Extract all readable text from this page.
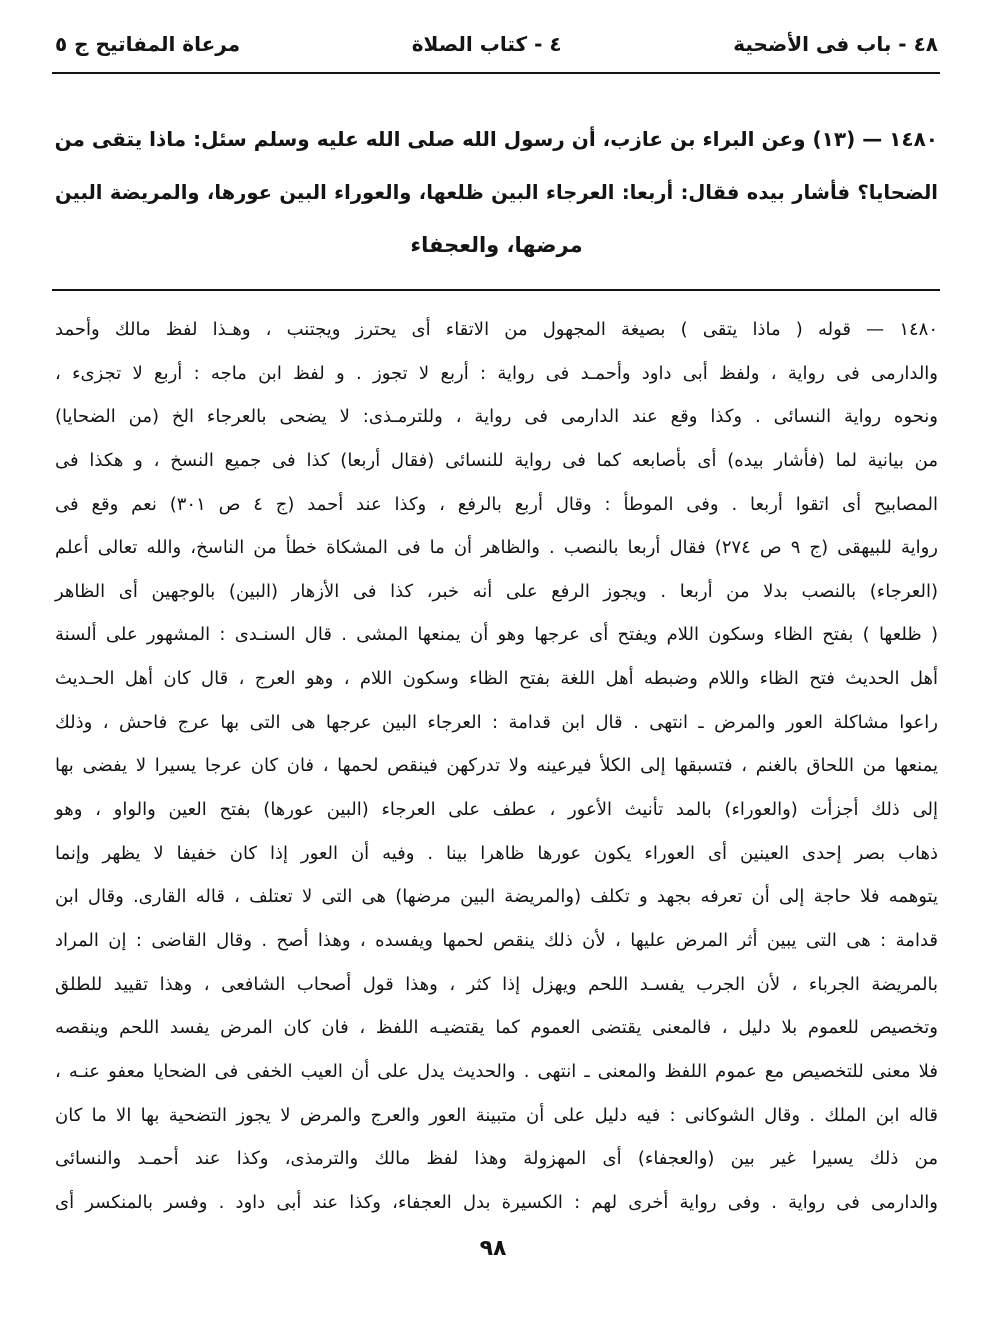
مرعاة المفاتيح ج ٥	٤ - كتاب الصلاة	٤٨ - باب فى الأضحية
١٤٨٠ — (١٣) وعن البراء بن عازب، أن رسول الله صلى الله عليه وسلم سئل: ماذا يتقى من
الضحايا؟ فأشار بيده فقال: أربعا: العرجاء البين ظلعها، والعوراء البين عورها، والمريضة البين
مرضها، والعجفاء
١٤٨٠ — قوله ( ماذا يتقى ) بصيغة المجهول من الاتقاء أى يحترز ويجتنب ، وهـذا لفظ مالك وأحمد
والدارمى فى رواية ، ولفظ أبى داود وأحمـد فى رواية : أربع لا تجوز . و لفظ ابن ماجه : أربع لا تجزىء ،
ونحوه رواية النسائى . وكذا وقع عند الدارمى فى رواية ، وللترمـذى: لا يضحى بالعرجاء الخ (من الضحايا)
من بيانية لما (فأشار بيده) أى بأصابعه كما فى رواية للنسائى (فقال أربعا) كذا فى جميع النسخ ، و هكذا فى
المصابيح أى اتقوا أربعا . وفى الموطأ : وقال أربع بالرفع ، وكذا عند أحمد (ج ٤ ص ٣٠١) نعم وقع فى
رواية للبيهقى (ج ٩ ص ٢٧٤) فقال أربعا بالنصب . والظاهر أن ما فى المشكاة خطأ من الناسخ، والله تعالى أعلم
(العرجاء) بالنصب بدلا من أربعا . ويجوز الرفع على أنه خبر، كذا فى الأزهار (البين) بالوجهين أى الظاهر
( ظلعها ) بفتح الظاء وسكون اللام ويفتح أى عرجها وهو أن يمنعها المشى . قال السنـدى : المشهور على ألسنة
أهل الحديث فتح الظاء واللام وضبطه أهل اللغة بفتح الظاء وسكون اللام ، وهو العرج ، قال كان أهل الحـديث
راعوا مشاكلة العور والمرض ـ انتهى . قال ابن قدامة : العرجاء البين عرجها هى التى بها عرج فاحش ، وذلك
يمنعها من اللحاق بالغنم ، فتسبقها إلى الكلأ فيرعينه ولا تدركهن فينقص لحمها ، فان كان عرجا يسيرا لا يفضى بها
إلى ذلك أجزأت (والعوراء) بالمد تأنيث الأعور ، عطف على العرجاء (البين عورها) بفتح العين والواو ، وهو
ذهاب بصر إحدى العينين أى العوراء يكون عورها ظاهرا بينا . وفيه أن العور إذا كان خفيفا لا يظهر وإنما
يتوهمه فلا حاجة إلى أن تعرفه بجهد و تكلف (والمريضة البين مرضها) هى التى لا تعتلف ، قاله القارى. وقال ابن
قدامة : هى التى يبين أثر المرض عليها ، لأن ذلك ينقص لحمها ويفسده ، وهذا أصح . وقال القاضى : إن المراد
بالمريضة الجرباء ، لأن الجرب يفسـد اللحم ويهزل إذا كثر ، وهذا قول أصحاب الشافعى ، وهذا تقييد للطلق
وتخصيص للعموم بلا دليل ، فالمعنى يقتضى العموم كما يقتضيـه اللفظ ، فان كان المرض يفسد اللحم وينقصه
فلا معنى للتخصيص مع عموم اللفظ والمعنى ـ انتهى . والحديث يدل على أن العيب الخفى فى الضحايا معفو عنـه ،
قاله ابن الملك . وقال الشوكانى : فيه دليل على أن متبينة العور والعرج والمرض لا يجوز التضحية بها الا ما كان
من ذلك يسيرا غير بين (والعجفاء) أى المهزولة وهذا لفظ مالك والترمذى، وكذا عند أحمـد والنسائى
والدارمى فى رواية . وفى رواية أخرى لهم : الكسيرة بدل العجفاء، وكذا عند أبى داود . وفسر بالمنكسر أى
٩٨
